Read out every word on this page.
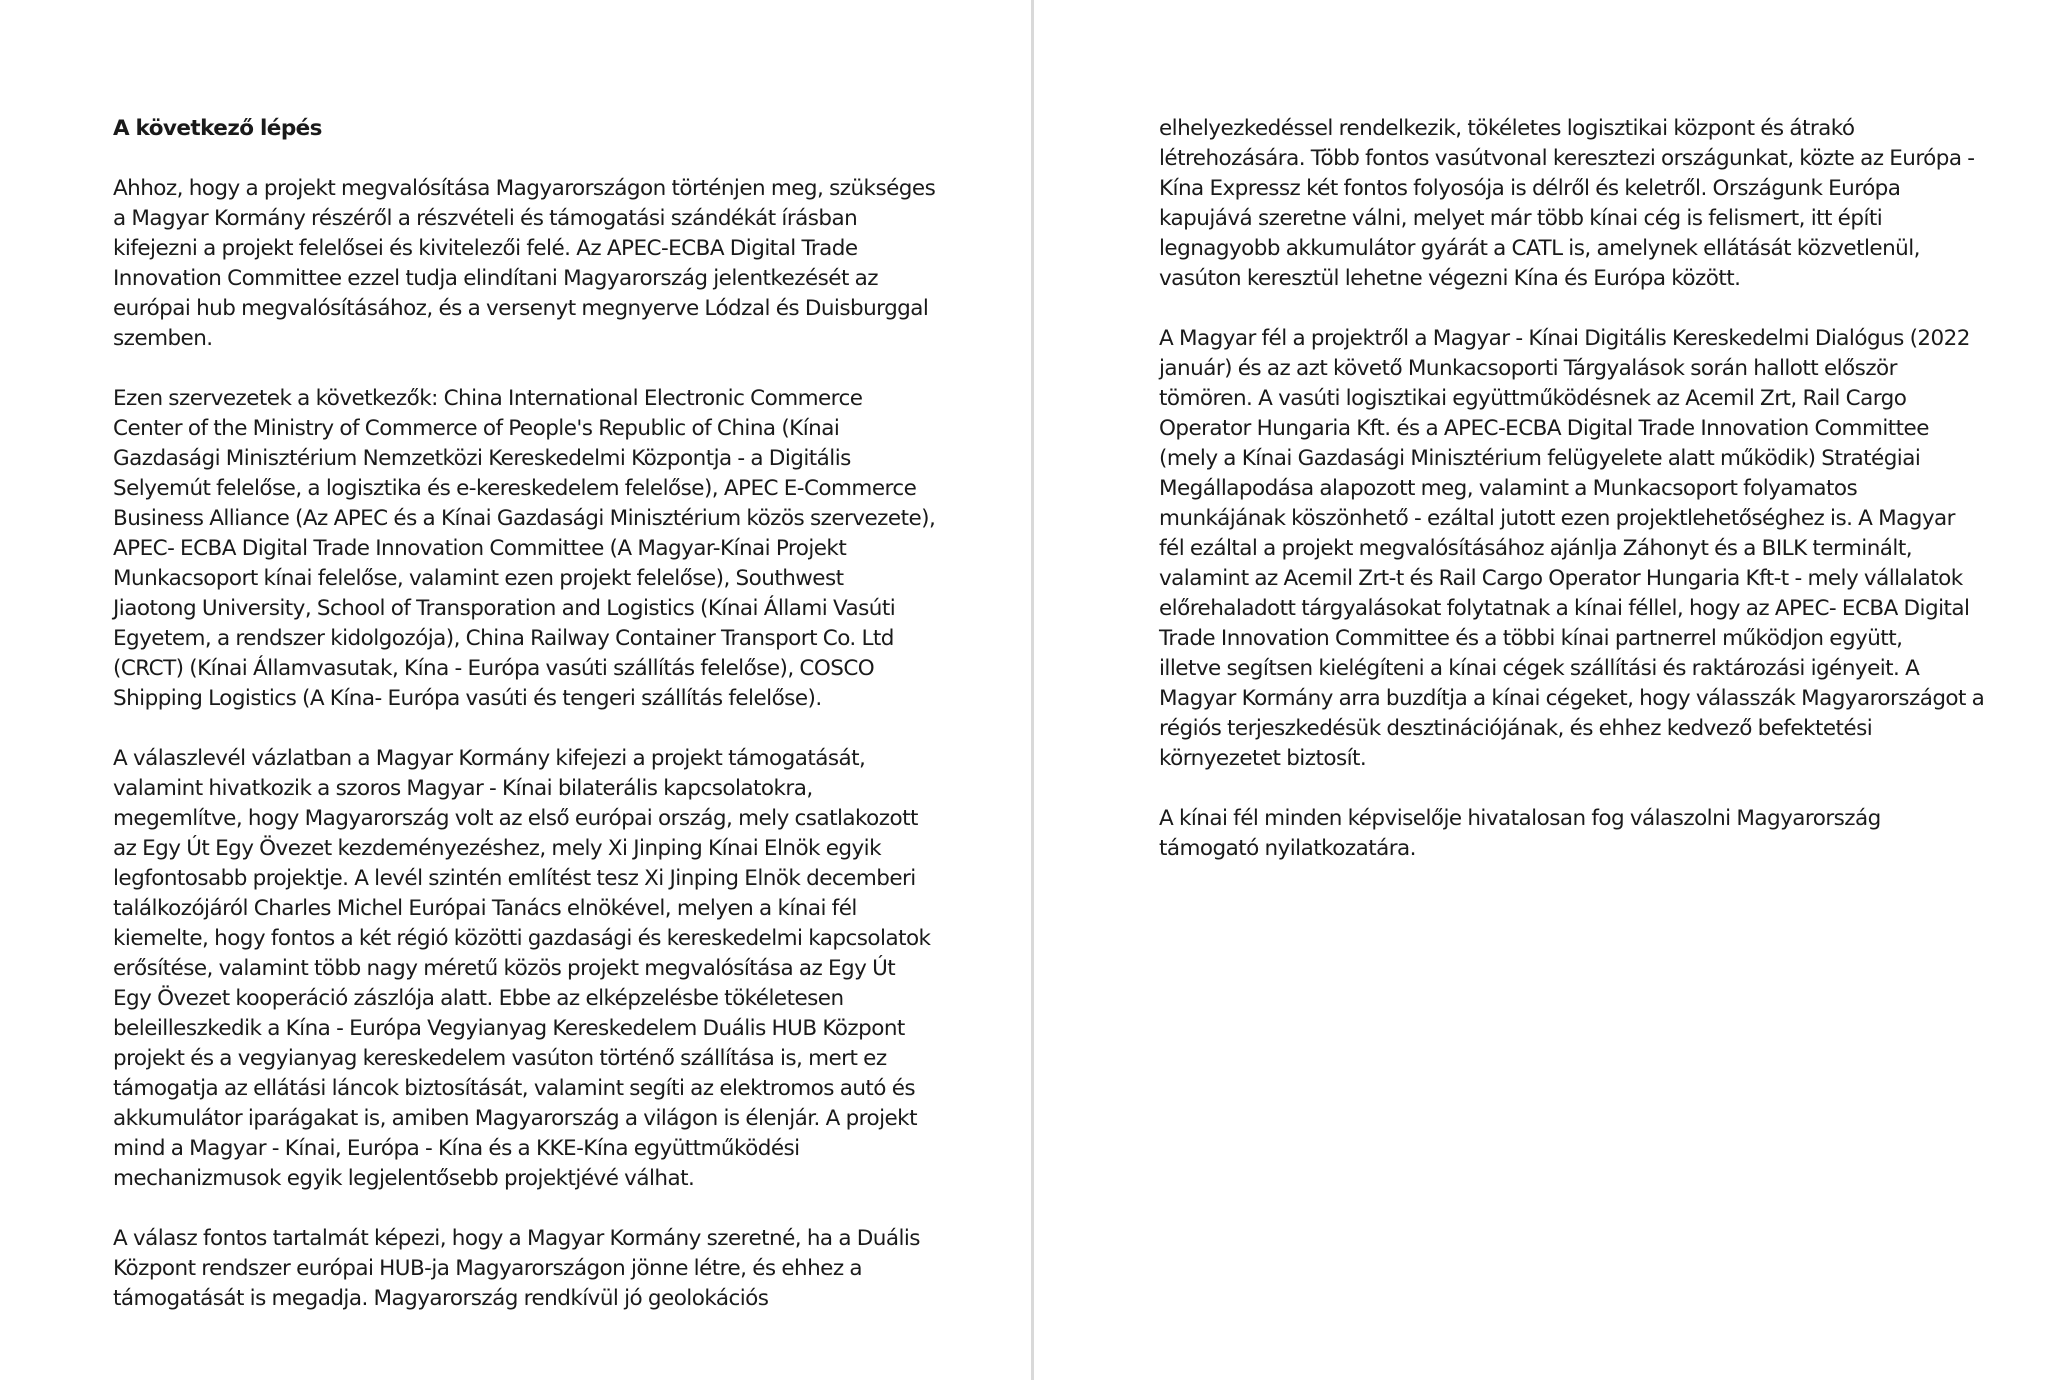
A következő lépés
Ahhoz, hogy a projekt megvalósítása Magyarországon történjen meg, szükséges
a Magyar Kormány részéről a részvételi és támogatási szándékát írásban
kifejezni a projekt felelősei és kivitelezői felé. Az APEC-ECBA Digital Trade
Innovation Committee ezzel tudja elindítani Magyarország jelentkezését az
európai hub megvalósításához, és a versenyt megnyerve Lódzal és Duisburggal
szemben.
Ezen szervezetek a következők: China International Electronic Commerce
Center of the Ministry of Commerce of People's Republic of China (Kínai
Gazdasági Minisztérium Nemzetközi Kereskedelmi Központja - a Digitális
Selyemút felelőse, a logisztika és e-kereskedelem felelőse), APEC E-Commerce
Business Alliance (Az APEC és a Kínai Gazdasági Minisztérium közös szervezete),
APEC- ECBA Digital Trade Innovation Committee (A Magyar-Kínai Projekt
Munkacsoport kínai felelőse, valamint ezen projekt felelőse), Southwest
Jiaotong University, School of Transporation and Logistics (Kínai Állami Vasúti
Egyetem, a rendszer kidolgozója), China Railway Container Transport Co. Ltd
(CRCT) (Kínai Államvasutak, Kína - Európa vasúti szállítás felelőse), COSCO
Shipping Logistics (A Kína- Európa vasúti és tengeri szállítás felelőse).
A válaszlevél vázlatban a Magyar Kormány kifejezi a projekt támogatását,
valamint hivatkozik a szoros Magyar - Kínai bilaterális kapcsolatokra,
megemlítve, hogy Magyarország volt az első európai ország, mely csatlakozott
az Egy Út Egy Övezet kezdeményezéshez, mely Xi Jinping Kínai Elnök egyik
legfontosabb projektje. A levél szintén említést tesz Xi Jinping Elnök decemberi
találkozójáról Charles Michel Európai Tanács elnökével, melyen a kínai fél
kiemelte, hogy fontos a két régió közötti gazdasági és kereskedelmi kapcsolatok
erősítése, valamint több nagy méretű közös projekt megvalósítása az Egy Út
Egy Övezet kooperáció zászlója alatt. Ebbe az elképzelésbe tökéletesen
beleilleszkedik a Kína - Európa Vegyianyag Kereskedelem Duális HUB Központ
projekt és a vegyianyag kereskedelem vasúton történő szállítása is, mert ez
támogatja az ellátási láncok biztosítását, valamint segíti az elektromos autó és
akkumulátor iparágakat is, amiben Magyarország a világon is élenjár. A projekt
mind a Magyar - Kínai, Európa - Kína és a KKE-Kína együttműködési
mechanizmusok egyik legjelentősebb projektjévé válhat.
A válasz fontos tartalmát képezi, hogy a Magyar Kormány szeretné, ha a Duális
Központ rendszer európai HUB-ja Magyarországon jönne létre, és ehhez a
támogatását is megadja. Magyarország rendkívül jó geolokációs
elhelyezkedéssel rendelkezik, tökéletes logisztikai központ és átrakó
létrehozására. Több fontos vasútvonal keresztezi országunkat, közte az Európa -
Kína Expressz két fontos folyosója is délről és keletről. Országunk Európa
kapujává szeretne válni, melyet már több kínai cég is felismert, itt építi
legnagyobb akkumulátor gyárát a CATL is, amelynek ellátását közvetlenül,
vasúton keresztül lehetne végezni Kína és Európa között.
A Magyar fél a projektről a Magyar - Kínai Digitális Kereskedelmi Dialógus (2022
január) és az azt követő Munkacsoporti Tárgyalások során hallott először
tömören. A vasúti logisztikai együttműködésnek az Acemil Zrt, Rail Cargo
Operator Hungaria Kft. és a APEC-ECBA Digital Trade Innovation Committee
(mely a Kínai Gazdasági Minisztérium felügyelete alatt működik) Stratégiai
Megállapodása alapozott meg, valamint a Munkacsoport folyamatos
munkájának köszönhető - ezáltal jutott ezen projektlehetőséghez is. A Magyar
fél ezáltal a projekt megvalósításához ajánlja Záhonyt és a BILK terminált,
valamint az Acemil Zrt-t és Rail Cargo Operator Hungaria Kft-t - mely vállalatok
előrehaladott tárgyalásokat folytatnak a kínai féllel, hogy az APEC- ECBA Digital
Trade Innovation Committee és a többi kínai partnerrel működjon együtt,
illetve segítsen kielégíteni a kínai cégek szállítási és raktározási igényeit. A
Magyar Kormány arra buzdítja a kínai cégeket, hogy válasszák Magyarországot a
régiós terjeszkedésük desztinációjának, és ehhez kedvező befektetési
környezetet biztosít.
A kínai fél minden képviselője hivatalosan fog válaszolni Magyarország
támogató nyilatkozatára.
